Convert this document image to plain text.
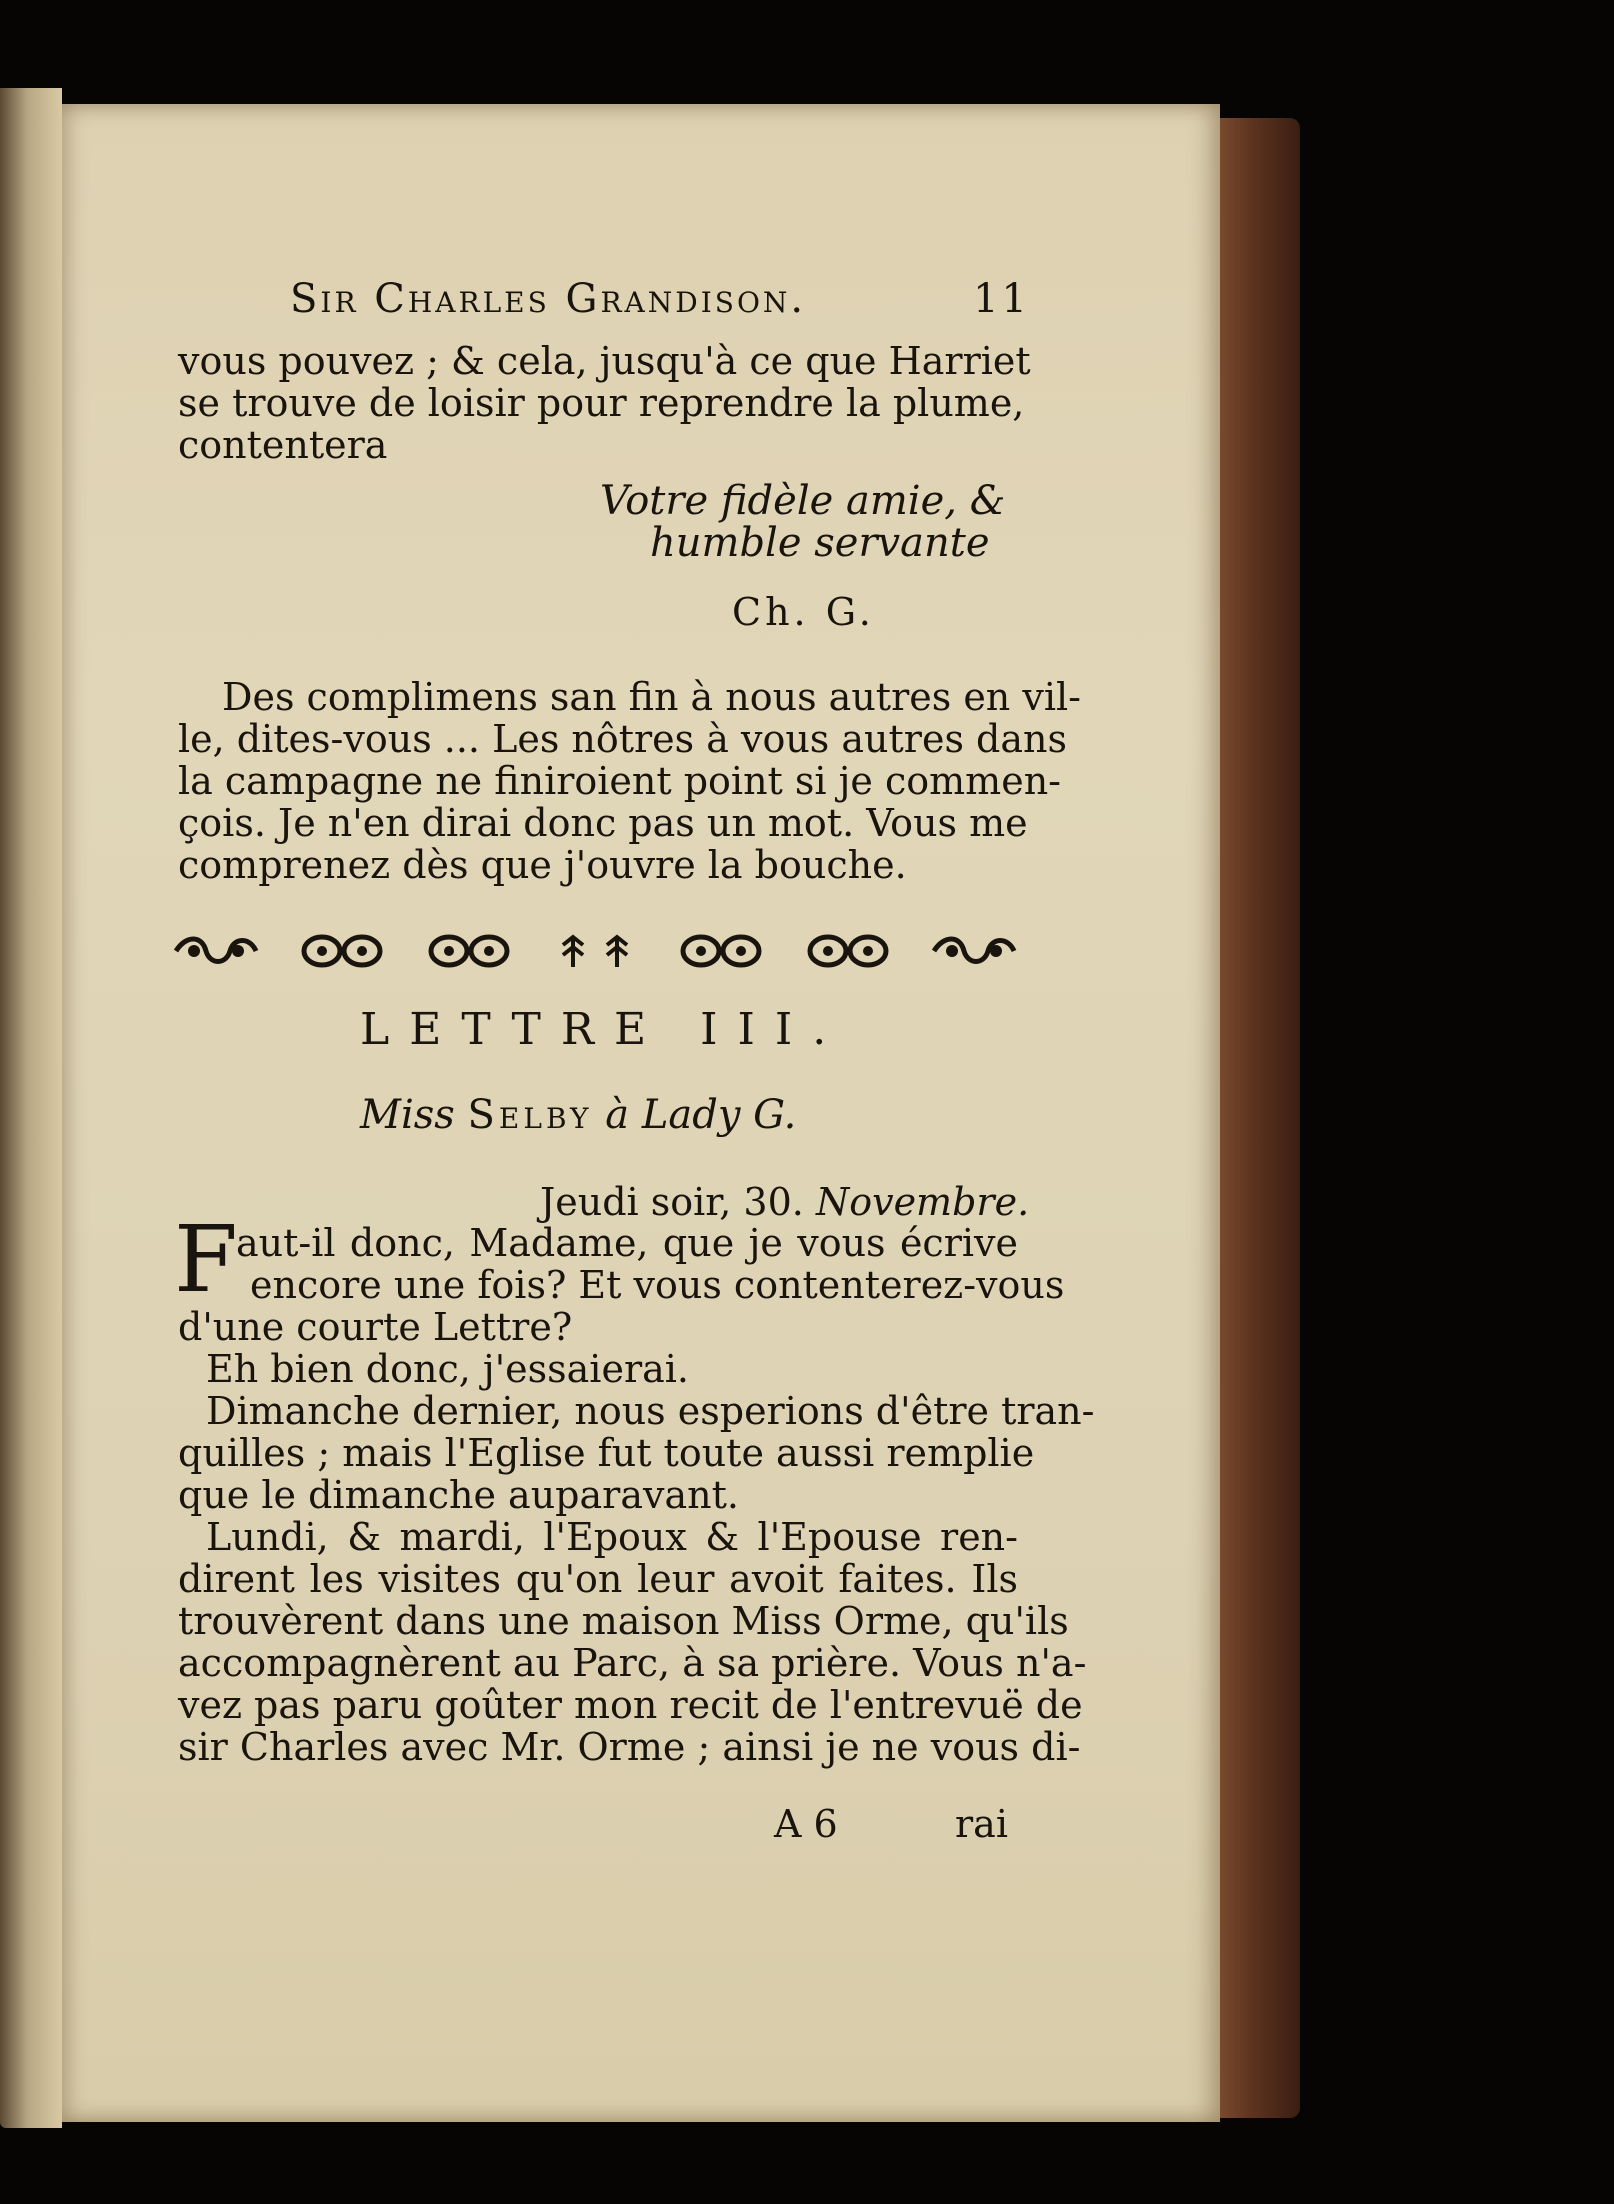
Sir Charles Grandison.	11
vous pouvez ; & cela, jusqu'à ce que Harriet
se trouve de loisir pour reprendre la plume,
contentera
Votre fidèle amie, &
humble servante
Ch. G.
Des complimens san fin à nous autres en vil-
le, dites-vous ... Les nôtres à vous autres dans
la campagne ne finiroient point si je commen-
çois. Je n'en dirai donc pas un mot. Vous me
comprenez dès que j'ouvre la bouche.
LETTRE III.
Miss Selby à Lady G.
Jeudi soir, 30. Novembre.
F
aut-il donc, Madame, que je vous écrive
encore une fois? Et vous contenterez-vous
d'une courte Lettre?
Eh bien donc, j'essaierai.
Dimanche dernier, nous esperions d'être tran-
quilles ; mais l'Eglise fut toute aussi remplie
que le dimanche auparavant.
Lundi, & mardi, l'Epoux & l'Epouse ren-
dirent les visites qu'on leur avoit faites. Ils
trouvèrent dans une maison Miss Orme, qu'ils
accompagnèrent au Parc, à sa prière. Vous n'a-
vez pas paru goûter mon recit de l'entrevuë de
sir Charles avec Mr. Orme ; ainsi je ne vous di-
A 6	rai
